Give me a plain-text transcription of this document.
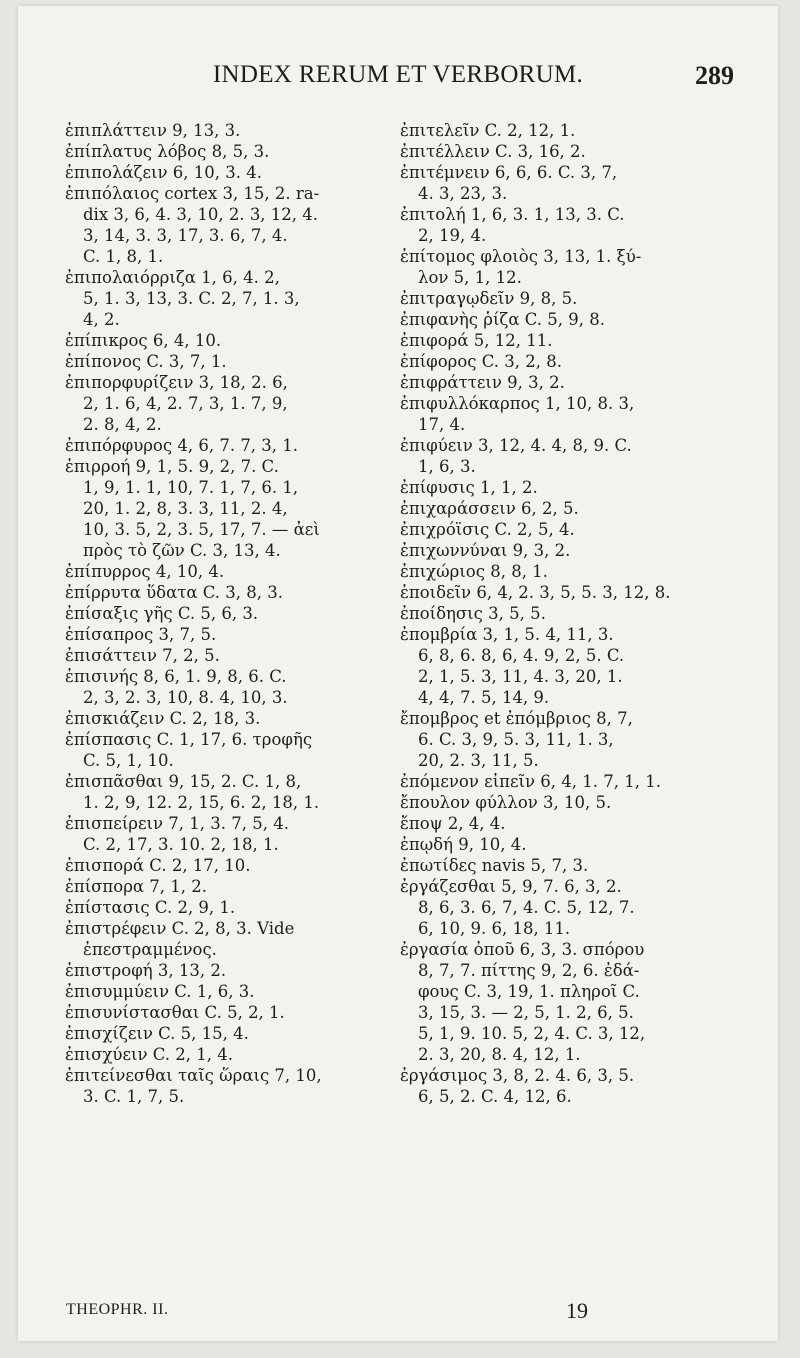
INDEX RERUM ET VERBORUM.	289
ἐπιπλάττειν 9, 13, 3.
ἐπίπλατυς λόβος 8, 5, 3.
ἐπιπολάζειν 6, 10, 3. 4.
ἐπιπόλαιος cortex 3, 15, 2. ra-
dix 3, 6, 4. 3, 10, 2. 3, 12, 4.
3, 14, 3. 3, 17, 3. 6, 7, 4.
C. 1, 8, 1.
ἐπιπολαιόρριζα 1, 6, 4. 2,
5, 1. 3, 13, 3. C. 2, 7, 1. 3,
4, 2.
ἐπίπικρος 6, 4, 10.
ἐπίπονος C. 3, 7, 1.
ἐπιπορφυρίζειν 3, 18, 2. 6,
2, 1. 6, 4, 2. 7, 3, 1. 7, 9,
2. 8, 4, 2.
ἐπιπόρφυρος 4, 6, 7. 7, 3, 1.
ἐπιρροή 9, 1, 5. 9, 2, 7. C.
1, 9, 1. 1, 10, 7. 1, 7, 6. 1,
20, 1. 2, 8, 3. 3, 11, 2. 4,
10, 3. 5, 2, 3. 5, 17, 7. — ἀεὶ
πρὸς τὸ ζῶν C. 3, 13, 4.
ἐπίπυρρος 4, 10, 4.
ἐπίρρυτα ὕδατα C. 3, 8, 3.
ἐπίσαξις γῆς C. 5, 6, 3.
ἐπίσαπρος 3, 7, 5.
ἐπισάττειν 7, 2, 5.
ἐπισινής 8, 6, 1. 9, 8, 6. C.
2, 3, 2. 3, 10, 8. 4, 10, 3.
ἐπισκιάζειν C. 2, 18, 3.
ἐπίσπασις C. 1, 17, 6. τροφῆς
C. 5, 1, 10.
ἐπισπᾶσθαι 9, 15, 2. C. 1, 8,
1. 2, 9, 12. 2, 15, 6. 2, 18, 1.
ἐπισπείρειν 7, 1, 3. 7, 5, 4.
C. 2, 17, 3. 10. 2, 18, 1.
ἐπισπορά C. 2, 17, 10.
ἐπίσπορα 7, 1, 2.
ἐπίστασις C. 2, 9, 1.
ἐπιστρέφειν C. 2, 8, 3. Vide
ἐπεστραμμένος.
ἐπιστροφή 3, 13, 2.
ἐπισυμμύειν C. 1, 6, 3.
ἐπισυνίστασθαι C. 5, 2, 1.
ἐπισχίζειν C. 5, 15, 4.
ἐπισχύειν C. 2, 1, 4.
ἐπιτείνεσθαι ταῖς ὥραις 7, 10,
3. C. 1, 7, 5.
ἐπιτελεῖν C. 2, 12, 1.
ἐπιτέλλειν C. 3, 16, 2.
ἐπιτέμνειν 6, 6, 6. C. 3, 7,
4. 3, 23, 3.
ἐπιτολή 1, 6, 3. 1, 13, 3. C.
2, 19, 4.
ἐπίτομος φλοιὸς 3, 13, 1. ξύ-
λον 5, 1, 12.
ἐπιτραγῳδεῖν 9, 8, 5.
ἐπιφανὴς ῥίζα C. 5, 9, 8.
ἐπιφορά 5, 12, 11.
ἐπίφορος C. 3, 2, 8.
ἐπιφράττειν 9, 3, 2.
ἐπιφυλλόκαρπος 1, 10, 8. 3,
17, 4.
ἐπιφύειν 3, 12, 4. 4, 8, 9. C.
1, 6, 3.
ἐπίφυσις 1, 1, 2.
ἐπιχαράσσειν 6, 2, 5.
ἐπιχρόϊσις C. 2, 5, 4.
ἐπιχωννύναι 9, 3, 2.
ἐπιχώριος 8, 8, 1.
ἐποιδεῖν 6, 4, 2. 3, 5, 5. 3, 12, 8.
ἐποίδησις 3, 5, 5.
ἐπομβρία 3, 1, 5. 4, 11, 3.
6, 8, 6. 8, 6, 4. 9, 2, 5. C.
2, 1, 5. 3, 11, 4. 3, 20, 1.
4, 4, 7. 5, 14, 9.
ἔπομβρος et ἐπόμβριος 8, 7,
6. C. 3, 9, 5. 3, 11, 1. 3,
20, 2. 3, 11, 5.
ἐπόμενον εἰπεῖν 6, 4, 1. 7, 1, 1.
ἔπουλον φύλλον 3, 10, 5.
ἔποψ 2, 4, 4.
ἐπῳδή 9, 10, 4.
ἐπωτίδες navis 5, 7, 3.
ἐργάζεσθαι 5, 9, 7. 6, 3, 2.
8, 6, 3. 6, 7, 4. C. 5, 12, 7.
6, 10, 9. 6, 18, 11.
ἐργασία ὀποῦ 6, 3, 3. σπόρου
8, 7, 7. πίττης 9, 2, 6. ἐδά-
φους C. 3, 19, 1. πληροῖ C.
3, 15, 3. — 2, 5, 1. 2, 6, 5.
5, 1, 9. 10. 5, 2, 4. C. 3, 12,
2. 3, 20, 8. 4, 12, 1.
ἐργάσιμος 3, 8, 2. 4. 6, 3, 5.
6, 5, 2. C. 4, 12, 6.
THEOPHR. II.	19
